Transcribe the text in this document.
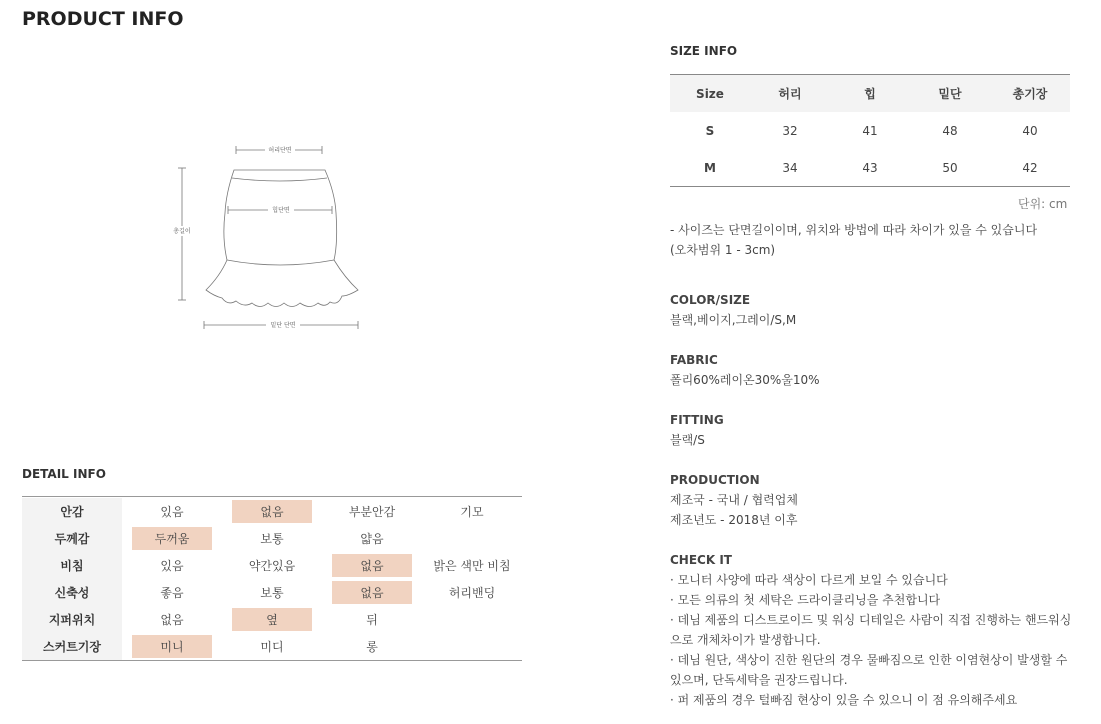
PRODUCT INFO
허리단면
힙단면
총길이
밑단 단면
DETAIL INFO
안감	있음	없음	부분안감	기모
두께감	두꺼움	보통	얇음
비침	있음	약간있음	없음	밝은 색만 비침
신축성	좋음	보통	없음	허리밴딩
지퍼위치	없음	옆	뒤
스커트기장	미니	미디	롱
SIZE INFO
Size	허리	힙	밑단	총기장
S	32	41	48	40
M	34	43	50	42
단위: cm
- 사이즈는 단면길이이며, 위치와 방법에 따라 차이가 있을 수 있습니다
(오차범위 1 - 3cm)
COLOR/SIZE
블랙,베이지,그레이/S,M
FABRIC
폴리60%레이온30%울10%
FITTING
블랙/S
PRODUCTION
제조국 - 국내 / 협력업체
제조년도 - 2018년 이후
CHECK IT
· 모니터 사양에 따라 색상이 다르게 보일 수 있습니다
· 모든 의류의 첫 세탁은 드라이클리닝을 추천합니다
· 데님 제품의 디스트로이드 및 워싱 디테일은 사람이 직접 진행하는 핸드워싱으로 개체차이가 발생합니다.
· 데님 원단, 색상이 진한 원단의 경우 물빠짐으로 인한 이염현상이 발생할 수 있으며, 단독세탁을 권장드립니다.
· 퍼 제품의 경우 털빠짐 현상이 있을 수 있으니 이 점 유의해주세요
